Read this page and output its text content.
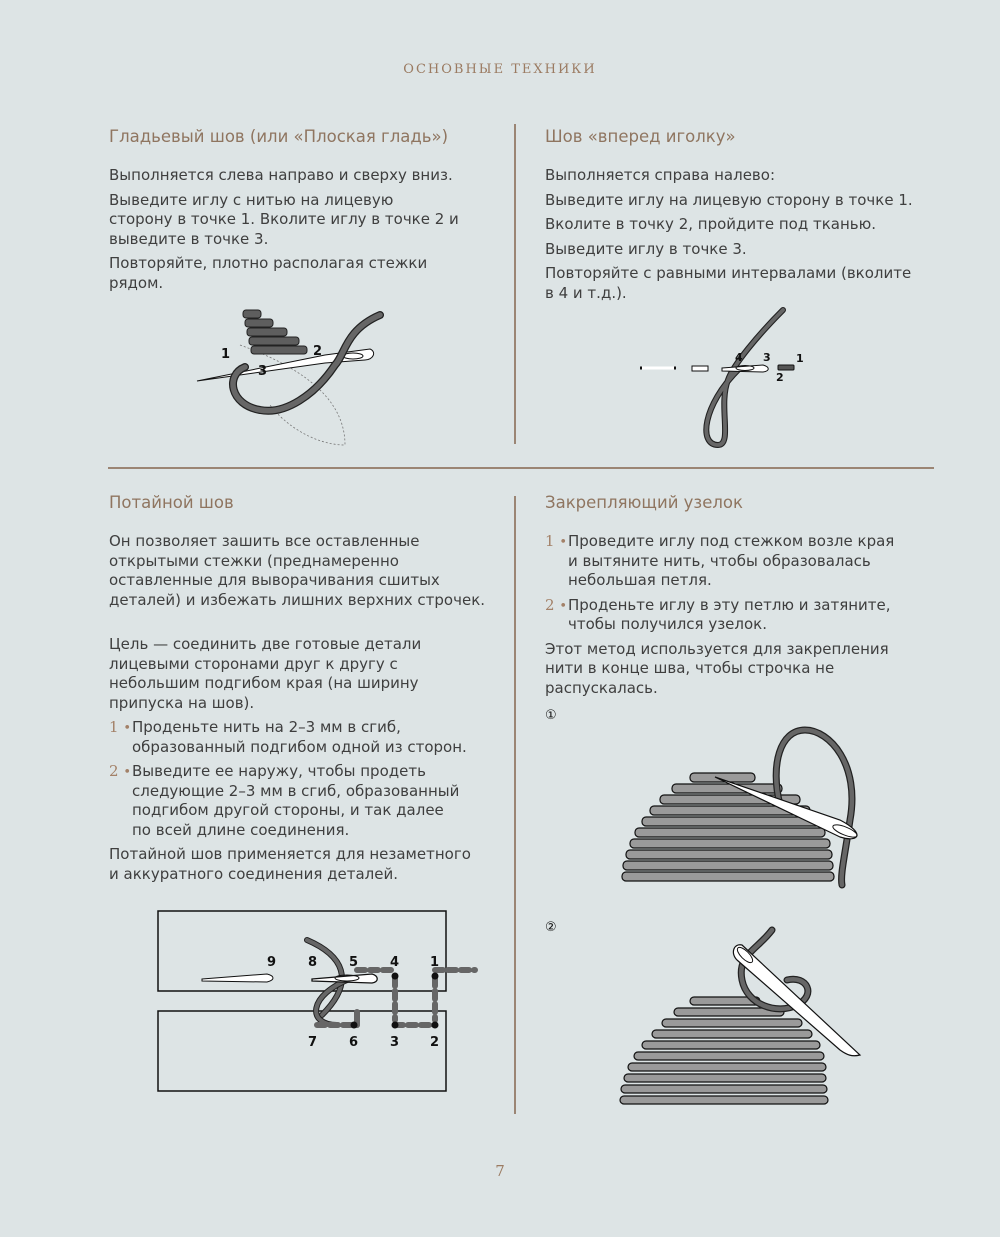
ОСНОВНЫЕ ТЕХНИКИ
Гладьевый шов (или «Плоская гладь»)

Выполняется слева направо и сверху вниз.

Выведите иглу с нитью на лицевую сторону в точке 1. Вколите иглу в точке 2 и выведите в точке 3.

Повторяйте, плотно располагая стежки рядом.

1	2
3
Шов «вперед иголку»

Выполняется справа налево:

Выведите иглу на лицевую сторону в точке 1.

Вколите в точку 2, пройдите под тканью.

Выведите иглу в точке 3.

Повторяйте с равными интервалами (вколите в 4 и т.д.).

4 3 1
2
Потайной шов

Он позволяет зашить все оставленные открытыми стежки (преднамеренно оставленные для выворачивания сшитых деталей) и избежать лишних верхних строчек.

Цель — соединить две готовые детали лицевыми сторонами друг к другу с небольшим подгибом края (на ширину припуска на шов).

1 • Проденьте нить на 2–3 мм в сгиб, образованный подгибом одной из сторон.
2 • Выведите ее наружу, чтобы продеть следующие 2–3 мм в сгиб, образованный подгибом другой стороны, и так далее по всей длине соединения.

Потайной шов применяется для незаметного и аккуратного соединения деталей.

9 8 5 4 1
7 6 3 2
Закрепляющий узелок
1 • Проведите иглу под стежком возле края и вытяните нить, чтобы образовалась небольшая петля.
2 • Проденьте иглу в эту петлю и затяните, чтобы получился узелок.

Этот метод используется для закрепления нити в конце шва, чтобы строчка не распускалась.

①
②
7
